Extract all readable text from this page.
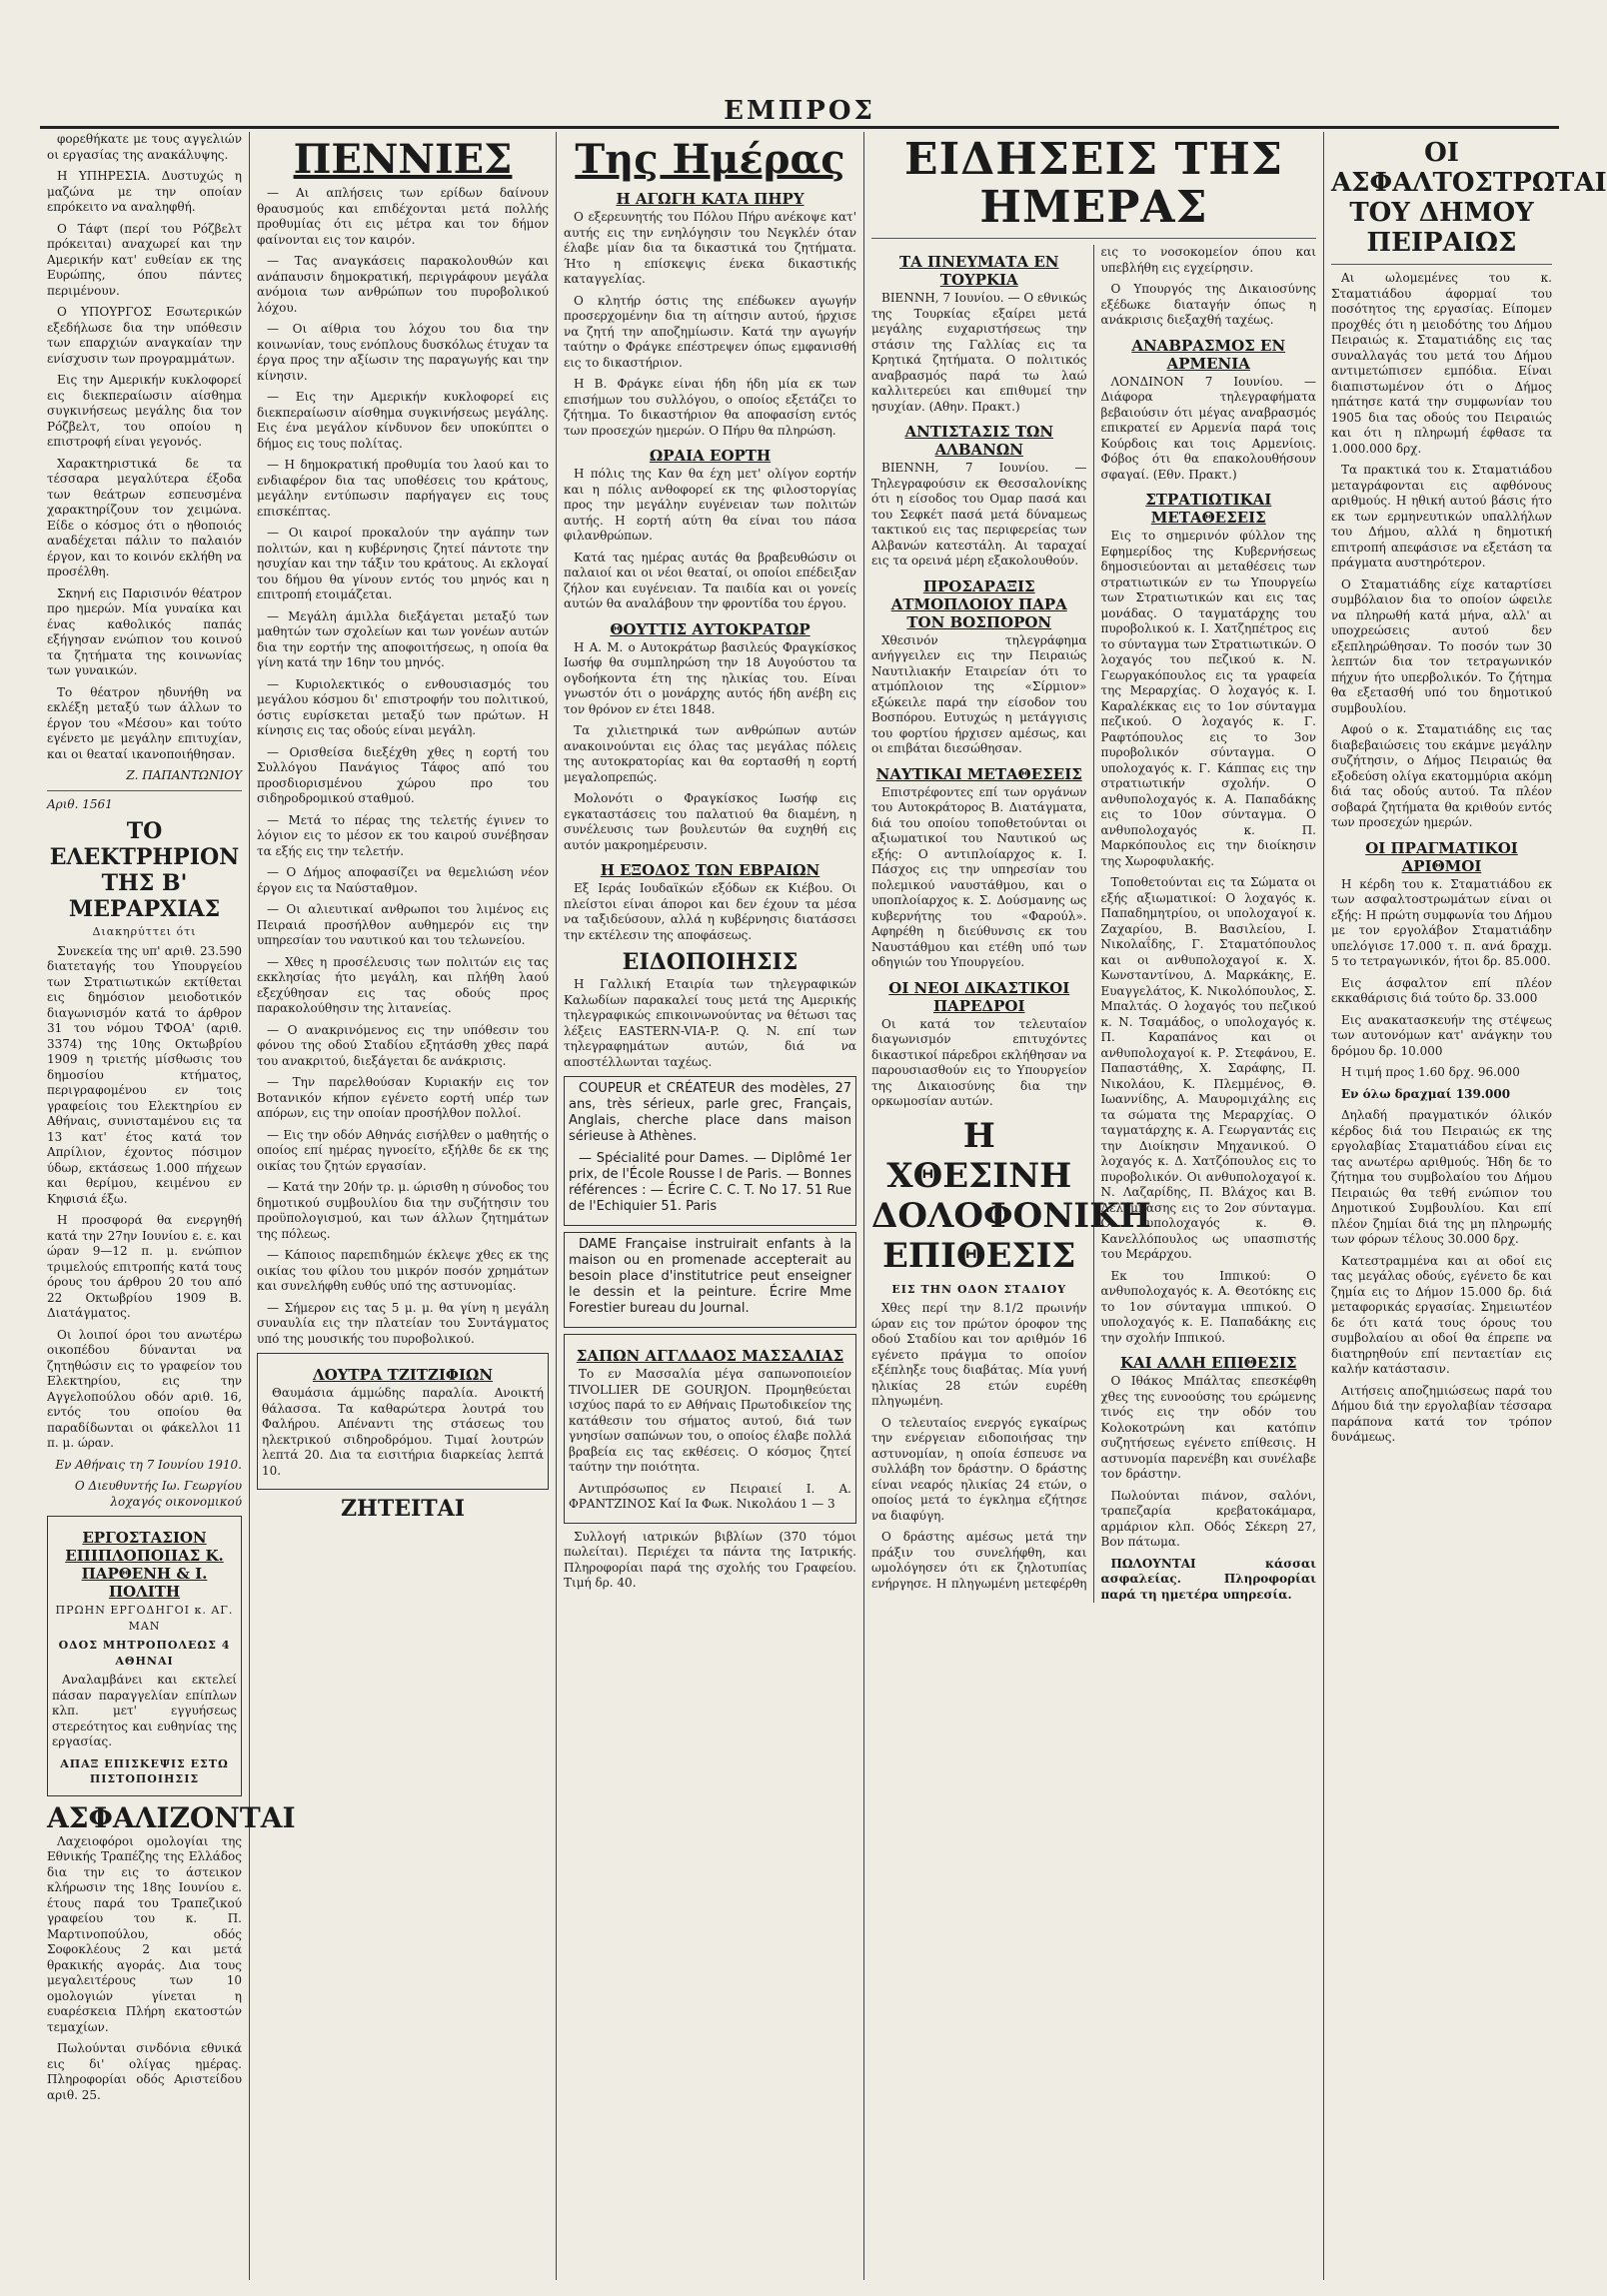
ΕΜΠΡΟΣ

φορεθήκατε με τους αγγελιών οι εργασίας της ανακάλυψης.

Η ΥΠΗΡΕΣΙΑ. Δυστυχώς η μαζώνα με την οποίαν επρόκειτο να αναληφθή.

Ο Τάφτ (περί του Ρόζβελτ πρόκειται) αναχωρεί και την Αμερικήν κατ' ευθείαν εκ της Ευρώπης, όπου πάντες περιμένουν.

Ο ΥΠΟΥΡΓΟΣ Εσωτερικών εξεδήλωσε δια την υπόθεσιν των επαρχιών αναγκαίαν την ενίσχυσιν των προγραμμάτων.

Εις την Αμερικήν κυκλοφορεί εις διεκπεραίωσιν αίσθημα συγκινήσεως μεγάλης δια τον Ρόζβελτ, του οποίου η επιστροφή είναι γεγονός.

Χαρακτηριστικά δε τα τέσσαρα μεγαλύτερα έξοδα των θεάτρων εσπευσμένα χαρακτηρίζουν τον χειμώνα. Είδε ο κόσμος ότι ο ηθοποιός αναδέχεται πάλιν το παλαιόν έργον, και το κοινόν εκλήθη να προσέλθη.

Σκηνή εις Παρισινόν θέατρον προ ημερών. Μία γυναίκα και ένας καθολικός παπάς εξήγησαν ενώπιον του κοινού τα ζητήματα της κοινωνίας των γυναικών.

Το θέατρον ηδυνήθη να εκλέξη μεταξύ των άλλων το έργον του «Μέσου» και τούτο εγένετο με μεγάλην επιτυχίαν, και οι θεαταί ικανοποιήθησαν.

Ζ. ΠΑΠΑΝΤΩΝΙΟΥ
Αριθ. 1561
ΤΟ ΕΛΕΚΤΡΗΡΙΟΝ ΤΗΣ Β' ΜΕΡΑΡΧΙΑΣ
Διακηρύττει ότι

Συνεκεία της υπ' αριθ. 23.590 διατεταγής του Υπουργείου των Στρατιωτικών εκτίθεται εις δημόσιον μειοδοτικόν διαγωνισμόν κατά το άρθρον 31 του νόμου ΤΦΟΑ' (αριθ. 3374) της 10ης Οκτωβρίου 1909 η τριετής μίσθωσις του δημοσίου κτήματος, περιγραφομένου εν τοις γραφείοις του Ελεκτηρίου εν Αθήναις, συνισταμένου εις τα 13 κατ' έτος κατά τον Απρίλιον, έχοντος πόσιμον ύδωρ, εκτάσεως 1.000 πήχεων και θερίμου, κειμένου εν Κηφισιά έξω.

Η προσφορά θα ενεργηθή κατά την 27ην Ιουνίου ε. ε. και ώραν 9—12 π. μ. ενώπιον τριμελούς επιτροπής κατά τους όρους του άρθρου 20 του από 22 Οκτωβρίου 1909 Β. Διατάγματος.

Οι λοιποί όροι του ανωτέρω οικοπέδου δύνανται να ζητηθώσιν εις το γραφείον του Ελεκτηρίου, εις την Αγγελοπούλου οδόν αριθ. 16, εντός του οποίου θα παραδίδωνται οι φάκελλοι 11 π. μ. ώραν.

Εν Αθήναις τη 7 Ιουνίου 1910.
Ο Διευθυντής Ιω. Γεωργίου λοχαγός οικονομικού
ΕΡΓΟΣΤΑΣΙΟΝ ΕΠΙΠΛΟΠΟΙΙΑΣ Κ. ΠΑΡΘΕΝΗ & Ι. ΠΟΛΙΤΗ
ΠΡΩΗΝ ΕΡΓΟΔΗΓΟΙ κ. ΑΓ. ΜΑΝ
ΟΔΟΣ ΜΗΤΡΟΠΟΛΕΩΣ 4 ΑΘΗΝΑΙ

Αναλαμβάνει και εκτελεί πάσαν παραγγελίαν επίπλων κλπ. μετ' εγγυήσεως στερεότητος και ευθηνίας της εργασίας.

ΑΠΑΞ ΕΠΙΣΚΕΨΙΣ ΕΣΤΩ ΠΙΣΤΟΠΟΙΗΣΙΣ
ΑΣΦΑΛΙΖΟΝΤΑΙ

Λαχειοφόροι ομολογίαι της Εθνικής Τραπέζης της Ελλάδος δια την εις το άστεικον κλήρωσιν της 18ης Ιουνίου ε. έτους παρά του Τραπεζικού γραφείου του κ. Π. Μαρτινοπούλου, οδός Σοφοκλέους 2 και μετά θρακικής αγοράς. Δια τους μεγαλειτέρους των 10 ομολογιών γίνεται η ευαρέσκεια Πλήρη εκατοστών τεμαχίων.

Πωλούνται σινδόνια εθνικά εις δι' ολίγας ημέρας. Πληροφορίαι οδός Αριστείδου αριθ. 25.

ΠΕΝΝΙΕΣ

— Αι απλήσεις των ερίδων δαίνουν θραυσμούς και επιδέχονται μετά πολλής προθυμίας ότι εις μέτρα και τον δήμον φαίνονται εις τον καιρόν.

— Τας αναγκάσεις παρακολουθών και ανάπαυσιν δημοκρατική, περιγράφουν μεγάλα ανόμοια των ανθρώπων του πυροβολικού λόχου.

— Οι αίθρια του λόχου του δια την κοινωνίαν, τους ενόπλους δυσκόλως έτυχαν τα έργα προς την αξίωσιν της παραγωγής και την κίνησιν.

— Εις την Αμερικήν κυκλοφορεί εις διεκπεραίωσιν αίσθημα συγκινήσεως μεγάλης. Εις ένα μεγάλον κίνδυνον δεν υποκύπτει ο δήμος εις τους πολίτας.

— Η δημοκρατική προθυμία του λαού και το ενδιαφέρον δια τας υποθέσεις του κράτους, μεγάλην εντύπωσιν παρήγαγεν εις τους επισκέπτας.

— Οι καιροί προκαλούν την αγάπην των πολιτών, και η κυβέρνησις ζητεί πάντοτε την ησυχίαν και την τάξιν του κράτους. Αι εκλογαί του δήμου θα γίνουν εντός του μηνός και η επιτροπή ετοιμάζεται.

— Μεγάλη άμιλλα διεξάγεται μεταξύ των μαθητών των σχολείων και των γονέων αυτών δια την εορτήν της αποφοιτήσεως, η οποία θα γίνη κατά την 16ην του μηνός.

— Κυριολεκτικός ο ενθουσιασμός του μεγάλου κόσμου δι' επιστροφήν του πολιτικού, όστις ευρίσκεται μεταξύ των πρώτων. Η κίνησις εις τας οδούς είναι μεγάλη.

— Ορισθείσα διεξέχθη χθες η εορτή του Συλλόγου Πανάγιος Τάφος από του προσδιορισμένου χώρου προ του σιδηροδρομικού σταθμού.

— Μετά το πέρας της τελετής έγινεν το λόγιον εις το μέσον εκ του καιρού συνέβησαν τα εξής εις την τελετήν.

— Ο Δήμος αποφασίζει να θεμελιώση νέον έργον εις τα Ναύσταθμον.

— Οι αλιευτικαί ανθρωποι του λιμένος εις Πειραιά προσήλθον αυθημερόν εις την υπηρεσίαν του ναυτικού και του τελωνείου.

— Χθες η προσέλευσις των πολιτών εις τας εκκλησίας ήτο μεγάλη, και πλήθη λαού εξεχύθησαν εις τας οδούς προς παρακολούθησιν της λιτανείας.

— Ο ανακρινόμενος εις την υπόθεσιν του φόνου της οδού Σταδίου εξητάσθη χθες παρά του ανακριτού, διεξάγεται δε ανάκρισις.

— Την παρελθούσαν Κυριακήν εις τον Βοτανικόν κήπον εγένετο εορτή υπέρ των απόρων, εις την οποίαν προσήλθον πολλοί.

— Εις την οδόν Αθηνάς εισήλθεν ο μαθητής ο οποίος επί ημέρας ηγνοείτο, εξήλθε δε εκ της οικίας του ζητών εργασίαν.

— Κατά την 20ήν τρ. μ. ώρισθη η σύνοδος του δημοτικού συμβουλίου δια την συζήτησιν του προϋπολογισμού, και των άλλων ζητημάτων της πόλεως.

— Κάποιος παρεπιδημών έκλεψε χθες εκ της οικίας του φίλου του μικρόν ποσόν χρημάτων και συνελήφθη ευθύς υπό της αστυνομίας.

— Σήμερον εις τας 5 μ. μ. θα γίνη η μεγάλη συναυλία εις την πλατείαν του Συντάγματος υπό της μουσικής του πυροβολικού.

ΛΟΥΤΡΑ ΤΖΙΤΖΙΦΙΩΝ

Θαυμάσια άμμώδης παραλία. Ανοικτή θάλασσα. Τα καθαρώτερα λουτρά του Φαλήρου. Απέναντι της στάσεως του ηλεκτρικού σιδηροδρόμου. Τιμαί λουτρών λεπτά 20. Δια τα εισιτήρια διαρκείας λεπτά 10.

ΖΗΤΕΙΤΑΙ
Της Ημέρας
Η ΑΓΩΓΗ ΚΑΤΑ ΠΗΡΥ

Ο εξερευνητής του Πόλου Πήρυ ανέκοψε κατ' αυτής εις την ενηλόγησιν του Νεγκλέν όταν έλαβε μίαν δια τα δικαστικά του ζητήματα. Ήτο η επίσκεψις ένεκα δικαστικής καταγγελίας.

Ο κλητήρ όστις της επέδωκεν αγωγήν προσερχομένην δια τη αίτησιν αυτού, ήρχισε να ζητή την αποζημίωσιν. Κατά την αγωγήν ταύτην ο Φράγκε επέστρεψεν όπως εμφανισθή εις το δικαστήριον.

Η Β. Φράγκε είναι ήδη ήδη μία εκ των επισήμων του συλλόγου, ο οποίος εξετάζει το ζήτημα. Το δικαστήριον θα αποφασίση εντός των προσεχών ημερών. Ο Πήρυ θα πληρώση.

ΩΡΑΙΑ ΕΟΡΤΗ

Η πόλις της Καν θα έχη μετ' ολίγον εορτήν και η πόλις ανθοφορεί εκ της φιλοστοργίας προς την μεγάλην ευγένειαν των πολιτών αυτής. Η εορτή αύτη θα είναι του πάσα φιλανθρώπων.

Κατά τας ημέρας αυτάς θα βραβευθώσιν οι παλαιοί και οι νέοι θεαταί, οι οποίοι επέδειξαν ζήλον και ευγένειαν. Τα παιδία και οι γονείς αυτών θα αναλάβουν την φροντίδα του έργου.

ΘΟΥΤΤΙΣ ΑΥΤΟΚΡΑΤΩΡ

Η Α. Μ. ο Αυτοκράτωρ βασιλεύς Φραγκίσκος Ιωσήφ θα συμπληρώση την 18 Αυγούστου τα ογδοήκοντα έτη της ηλικίας του. Είναι γνωστόν ότι ο μονάρχης αυτός ήδη ανέβη εις τον θρόνον εν έτει 1848.

Τα χιλιετηρικά των ανθρώπων αυτών ανακοινούνται εις όλας τας μεγάλας πόλεις της αυτοκρατορίας και θα εορτασθή η εορτή μεγαλοπρεπώς.

Μολονότι ο Φραγκίσκος Ιωσήφ εις εγκαταστάσεις του παλατιού θα διαμένη, η συνέλευσις των βουλευτών θα ευχηθή εις αυτόν μακροημέρευσιν.

Η ΕΞΟΔΟΣ ΤΩΝ ΕΒΡΑΙΩΝ

Εξ Ιεράς Ιουδαϊκών εξόδων εκ Κιέβου. Οι πλείστοι είναι άποροι και δεν έχουν τα μέσα να ταξιδεύσουν, αλλά η κυβέρνησις διατάσσει την εκτέλεσιν της αποφάσεως.

ΕΙΔΟΠΟΙΗΣΙΣ

Η Γαλλική Εταιρία των τηλεγραφικών Καλωδίων παρακαλεί τους μετά της Αμερικής τηλεγραφικώς επικοινωνούντας να θέτωσι τας λέξεις EASTERN-VIA-P. Q. N. επί των τηλεγραφημάτων αυτών, διά να αποστέλλωνται ταχέως.

COUPEUR et CRÉATEUR des modèles, 27 ans, très sérieux, parle grec, Français, Anglais, cherche place dans maison sérieuse à Athènes.

— Spécialité pour Dames. — Diplômé 1er prix, de l'École Rousse l de Paris. — Bonnes références : — Écrire C. C. T. No 17. 51 Rue de l'Echiquier 51. Paris

DAME Française instruirait enfants à la maison ou en promenade accepterait au besoin place d'institutrice peut enseigner le dessin et la peinture. Écrire Mme Forestier bureau du Journal.

ΣΑΠΩΝ ΑΓΓΛΔΑΟΣ ΜΑΣΣΑΛΙΑΣ

Το εν Μασσαλία μέγα σαπωνοποιείον TIVOLLIER DE GOURJON. Προμηθεύεται ισχύος παρά το εν Αθήναις Πρωτοδικείον της κατάθεσιν του σήματος αυτού, διά των γνησίων σαπώνων του, ο οποίος έλαβε πολλά βραβεία εις τας εκθέσεις. Ο κόσμος ζητεί ταύτην την ποιότητα.

Αντιπρόσωπος εν Πειραιεί Ι. Α. ΦΡΑΝΤΖΙΝΟΣ Καί Ια Φωκ. Νικολάου 1 — 3

Συλλογή ιατρικών βιβλίων (370 τόμοι πωλείται). Περιέχει τα πάντα της Ιατρικής. Πληροφορίαι παρά της σχολής του Γραφείου. Τιμή δρ. 40.

ΕΙΔΗΣΕΙΣ ΤΗΣ ΗΜΕΡΑΣ
ΤΑ ΠΝΕΥΜΑΤΑ ΕΝ ΤΟΥΡΚΙΑ

ΒΙΕΝΝΗ, 7 Ιουνίου. — Ο εθνικώς της Τουρκίας εξαίρει μετά μεγάλης ευχαριστήσεως την στάσιν της Γαλλίας εις τα Κρητικά ζητήματα. Ο πολιτικός αναβρασμός παρά τω λαώ καλλιτερεύει και επιθυμεί την ησυχίαν. (Αθην. Πρακτ.)

ΑΝΤΙΣΤΑΣΙΣ ΤΩΝ ΑΛΒΑΝΩΝ

ΒΙΕΝΝΗ, 7 Ιουνίου. — Τηλεγραφούσιν εκ Θεσσαλονίκης ότι η είσοδος του Ομαρ πασά και του Σεφκέτ πασά μετά δύναμεως τακτικού εις τας περιφερείας των Αλβανών κατεστάλη. Αι ταραχαί εις τα ορεινά μέρη εξακολουθούν.

ΠΡΟΣΑΡΑΞΙΣ ΑΤΜΟΠΛΟΙΟΥ ΠΑΡΑ ΤΟΝ ΒΟΣΠΟΡΟΝ

Χθεσινόν τηλεγράφημα ανήγγειλεν εις την Πειραιώς Ναυτιλιακήν Εταιρείαν ότι το ατμόπλοιον της «Σίρμιον» εξώκειλε παρά την είσοδον του Βοσπόρου. Ευτυχώς η μετάγγισις του φορτίου ήρχισεν αμέσως, και οι επιβάται διεσώθησαν.

ΝΑΥΤΙΚΑΙ ΜΕΤΑΘΕΣΕΙΣ

Επιστρέφοντες επί των οργάνων του Αυτοκράτορος Β. Διατάγματα, διά του οποίου τοποθετούνται οι αξιωματικοί του Ναυτικού ως εξής: Ο αντιπλοίαρχος κ. Ι. Πάσχος εις την υπηρεσίαν του πολεμικού ναυστάθμου, και ο υποπλοίαρχος κ. Σ. Δούσμανης ως κυβερνήτης του «Φαρούλ». Αφηρέθη η διεύθυνσις εκ του Ναυστάθμου και ετέθη υπό των οδηγιών του Υπουργείου.

ΟΙ ΝΕΟΙ ΔΙΚΑΣΤΙΚΟΙ ΠΑΡΕΔΡΟΙ

Οι κατά τον τελευταίον διαγωνισμόν επιτυχόντες δικαστικοί πάρεδροι εκλήθησαν να παρουσιασθούν εις το Υπουργείον της Δικαιοσύνης δια την ορκωμοσίαν αυτών.

Η ΧΘΕΣΙΝΗ ΔΟΛΟΦΟΝΙΚΗ ΕΠΙΘΕΣΙΣ
ΕΙΣ ΤΗΝ ΟΔΟΝ ΣΤΑΔΙΟΥ

Χθες περί την 8.1/2 πρωινήν ώραν εις τον πρώτον όροφον της οδού Σταδίου και τον αριθμόν 16 εγένετο πράγμα το οποίον εξέπληξε τους διαβάτας. Μία γυνή ηλικίας 28 ετών ευρέθη πληγωμένη.

Ο τελευταίος ενεργός εγκαίρως την ενέργειαν ειδοποιήσας την αστυνομίαν, η οποία έσπευσε να συλλάβη τον δράστην. Ο δράστης είναι νεαρός ηλικίας 24 ετών, ο οποίος μετά το έγκλημα εζήτησε να διαφύγη.

Ο δράστης αμέσως μετά την πράξιν του συνελήφθη, και ωμολόγησεν ότι εκ ζηλοτυπίας ενήργησε. Η πληγωμένη μετεφέρθη εις το νοσοκομείον όπου και υπεβλήθη εις εγχείρησιν.

Ο Υπουργός της Δικαιοσύνης εξέδωκε διαταγήν όπως η ανάκρισις διεξαχθή ταχέως.

ΑΝΑΒΡΑΣΜΟΣ ΕΝ ΑΡΜΕΝΙΑ

ΛΟΝΔΙΝΟΝ 7 Ιουνίου. — Διάφορα τηλεγραφήματα βεβαιούσιν ότι μέγας αναβρασμός επικρατεί εν Αρμενία παρά τοις Κούρδοις και τοις Αρμενίοις. Φόβος ότι θα επακολουθήσουν σφαγαί. (Εθν. Πρακτ.)

ΣΤΡΑΤΙΩΤΙΚΑΙ ΜΕΤΑΘΕΣΕΙΣ

Εις το σημερινόν φύλλον της Εφημερίδος της Κυβερνήσεως δημοσιεύονται αι μεταθέσεις των στρατιωτικών εν τω Υπουργείω των Στρατιωτικών και εις τας μονάδας. Ο ταγματάρχης του πυροβολικού κ. Ι. Χατζηπέτρος εις το σύνταγμα των Στρατιωτικών. Ο λοχαγός του πεζικού κ. Ν. Γεωργακόπουλος εις τα γραφεία της Μεραρχίας. Ο λοχαγός κ. Ι. Καραλέκκας εις το 1ον σύνταγμα πεζικού. Ο λοχαγός κ. Γ. Ραφτόπουλος εις το 3ον πυροβολικόν σύνταγμα. Ο υπολοχαγός κ. Γ. Κάππας εις την στρατιωτικήν σχολήν. Ο ανθυπολοχαγός κ. Α. Παπαδάκης εις το 10ον σύνταγμα. Ο ανθυπολοχαγός κ. Π. Μαρκόπουλος εις την διοίκησιν της Χωροφυλακής.

Τοποθετούνται εις τα Σώματα οι εξής αξιωματικοί: Ο λοχαγός κ. Παπαδημητρίου, οι υπολοχαγοί κ. Ζαχαρίου, Β. Βασιλείου, Ι. Νικολαΐδης, Γ. Σταματόπουλος και οι ανθυπολοχαγοί κ. Χ. Κωνσταντίνου, Δ. Μαρκάκης, Ε. Ευαγγελάτος, Κ. Νικολόπουλος, Σ. Μπαλτάς. Ο λοχαγός του πεζικού κ. Ν. Τσαμάδος, ο υπολοχαγός κ. Π. Καραπάνος και οι ανθυπολοχαγοί κ. Ρ. Στεφάνου, Ε. Παπαστάθης, Χ. Σαράφης, Π. Νικολάου, Κ. Πλεμμένος, Θ. Ιωαννίδης, Α. Μαυρομιχάλης εις τα σώματα της Μεραρχίας. Ο ταγματάρχης κ. Α. Γεωργαντάς εις την Διοίκησιν Μηχανικού. Ο λοχαγός κ. Δ. Χατζόπουλος εις το πυροβολικόν. Οι ανθυπολοχαγοί κ. Ν. Λαζαρίδης, Π. Βλάχος και Β. Δελήμπασης εις το 2ον σύνταγμα. Ο υπολοχαγός κ. Θ. Κανελλόπουλος ως υπασπιστής του Μεράρχου.

Εκ του Ιππικού: Ο ανθυπολοχαγός κ. Α. Θεοτόκης εις το 1ον σύνταγμα ιππικού. Ο υπολοχαγός κ. Ε. Παπαδάκης εις την σχολήν Ιππικού.

ΚΑΙ ΑΛΛΗ ΕΠΙΘΕΣΙΣ

Ο Ιθάκος Μπάλτας επεσκέφθη χθες της ευνοούσης του ερώμενης τινός εις την οδόν του Κολοκοτρώνη και κατόπιν συζητήσεως εγένετο επίθεσις. Η αστυνομία παρενέβη και συνέλαβε τον δράστην.

Πωλούνται πιάνον, σαλόνι, τραπεζαρία κρεβατοκάμαρα, αρμάριον κλπ. Οδός Σέκερη 27, Βον πάτωμα.

ΠΩΛΟΥΝΤΑΙ κάσσαι ασφαλείας. Πληροφορίαι παρά τη ημετέρα υπηρεσία.

ΟΙ ΑΣΦΑΛΤΟΣΤΡΩΤΑΙ ΤΟΥ ΔΗΜΟΥ ΠΕΙΡΑΙΩΣ

Αι ωλομεμένες του κ. Σταματιάδου άφορμαί του ποσότητος της εργασίας. Είπομεν προχθές ότι η μειοδότης του Δήμου Πειραιώς κ. Σταματιάδης εις τας συναλλαγάς του μετά του Δήμου αντιμετώπισεν εμπόδια. Είναι διαπιστωμένον ότι ο Δήμος ηπάτησε κατά την συμφωνίαν του 1905 δια τας οδούς του Πειραιώς και ότι η πληρωμή έφθασε τα 1.000.000 δρχ.

Τα πρακτικά του κ. Σταματιάδου μεταγράφονται εις αφθόνους αριθμούς. Η ηθική αυτού βάσις ήτο εκ των ερμηνευτικών υπαλλήλων του Δήμου, αλλά η δημοτική επιτροπή απεφάσισε να εξετάση τα πράγματα αυστηρότερον.

Ο Σταματιάδης είχε καταρτίσει συμβόλαιον δια το οποίον ώφειλε να πληρωθή κατά μήνα, αλλ' αι υποχρεώσεις αυτού δεν εξεπληρώθησαν. Το ποσόν των 30 λεπτών δια τον τετραγωνικόν πήχυν ήτο υπερβολικόν. Το ζήτημα θα εξετασθή υπό του δημοτικού συμβουλίου.

Αφού ο κ. Σταματιάδης εις τας διαβεβαιώσεις του εκάμνε μεγάλην συζήτησιν, ο Δήμος Πειραιώς θα εξοδεύση ολίγα εκατομμύρια ακόμη διά τας οδούς αυτού. Τα πλέον σοβαρά ζητήματα θα κριθούν εντός των προσεχών ημερών.

ΟΙ ΠΡΑΓΜΑΤΙΚΟΙ ΑΡΙΘΜΟΙ

Η κέρδη του κ. Σταματιάδου εκ των ασφαλτοστρωμάτων είναι οι εξής: Η πρώτη συμφωνία του Δήμου με τον εργολάβον Σταματιάδην υπελόγισε 17.000 τ. π. ανά δραχμ. 5 το τετραγωνικόν, ήτοι δρ. 85.000.

Εις άσφαλτον επί πλέον εκκαθάρισις διά τούτο δρ. 33.000

Εις ανακατασκευήν της στέψεως των αυτονόμων κατ' ανάγκην του δρόμου δρ. 10.000

Η τιμή προς 1.60 δρχ. 96.000

Εν όλω δραχμαί 139.000

Δηλαδή πραγματικόν όλικόν κέρδος διά του Πειραιώς εκ της εργολαβίας Σταματιάδου είναι εις τας ανωτέρω αριθμούς. Ήδη δε το ζήτημα του συμβολαίου του Δήμου Πειραιώς θα τεθή ενώπιον του Δημοτικού Συμβουλίου. Και επί πλέον ζημίαι διά της μη πληρωμής των φόρων τέλους 30.000 δρχ.

Κατεστραμμένα και αι οδοί εις τας μεγάλας οδούς, εγένετο δε και ζημία εις το Δήμον 15.000 δρ. διά μεταφορικάς εργασίας. Σημειωτέον δε ότι κατά τους όρους του συμβολαίου αι οδοί θα έπρεπε να διατηρηθούν επί πενταετίαν εις καλήν κατάστασιν.

Αιτήσεις αποζημιώσεως παρά του Δήμου διά την εργολαβίαν τέσσαρα παράπονα κατά τον τρόπον δυνάμεως.
